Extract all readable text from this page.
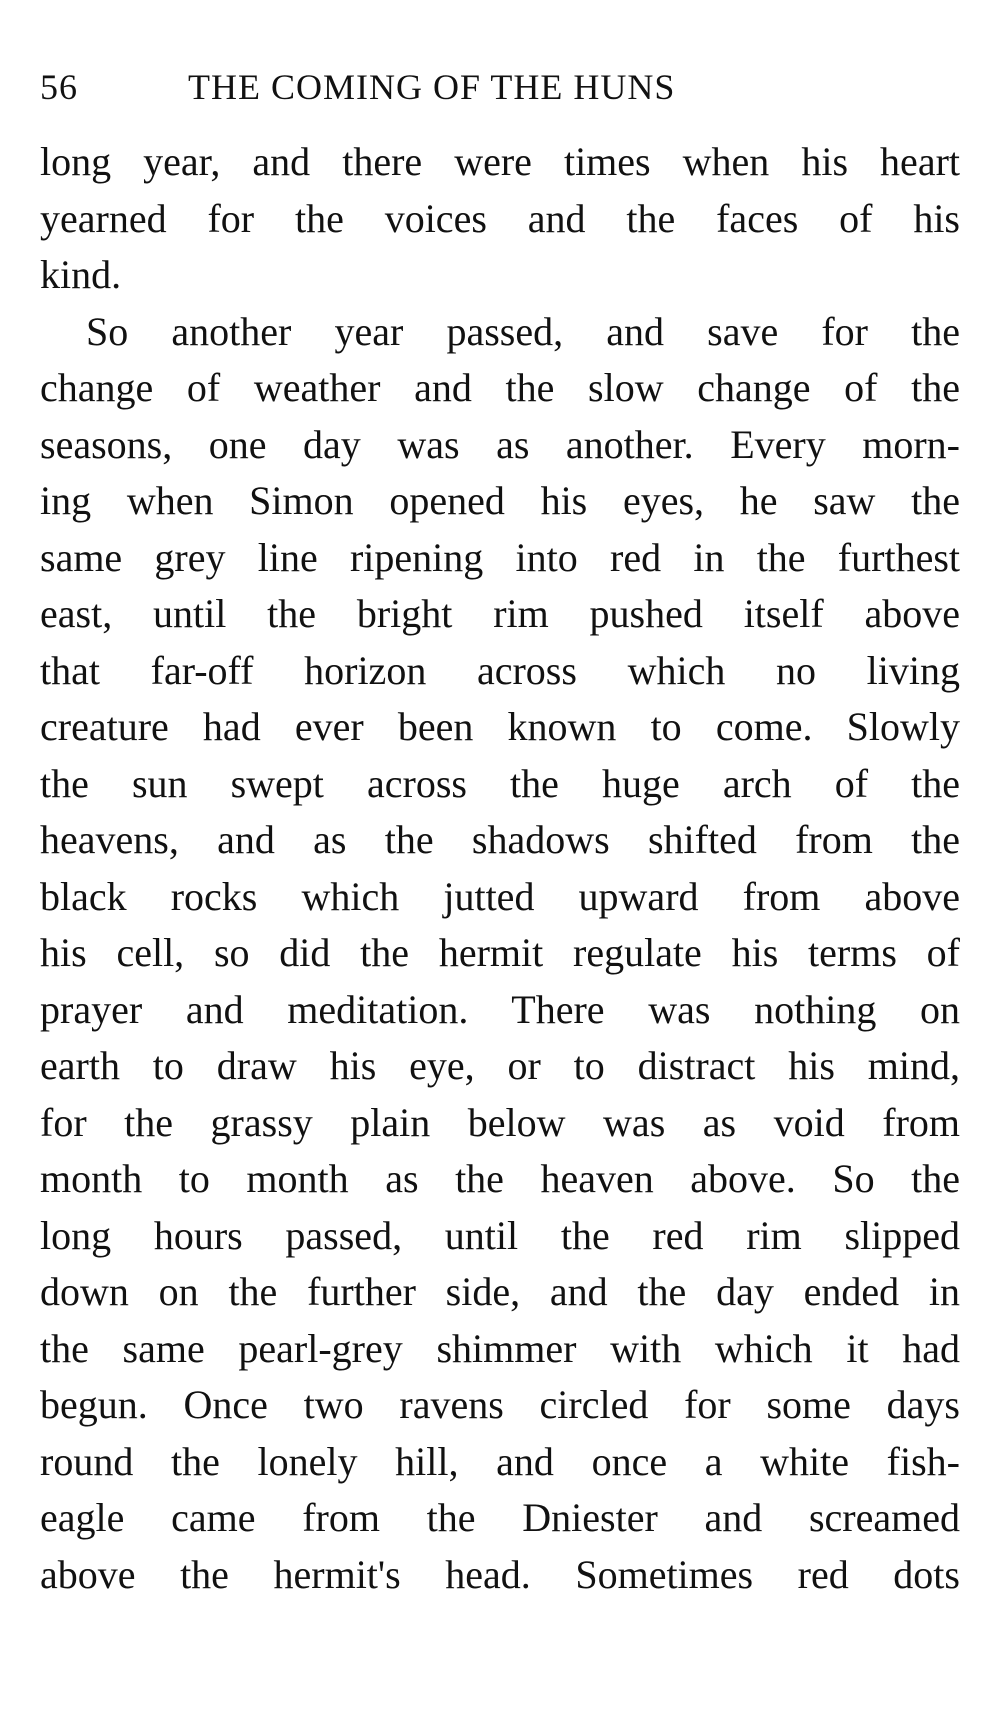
56	THE COMING OF THE HUNS
long year, and there were times when his heart
yearned for the voices and the faces of his
kind.
So another year passed, and save for the
change of weather and the slow change of the
seasons, one day was as another. Every morn-
ing when Simon opened his eyes, he saw the
same grey line ripening into red in the furthest
east, until the bright rim pushed itself above
that far-off horizon across which no living
creature had ever been known to come. Slowly
the sun swept across the huge arch of the
heavens, and as the shadows shifted from the
black rocks which jutted upward from above
his cell, so did the hermit regulate his terms of
prayer and meditation. There was nothing on
earth to draw his eye, or to distract his mind,
for the grassy plain below was as void from
month to month as the heaven above. So the
long hours passed, until the red rim slipped
down on the further side, and the day ended in
the same pearl-grey shimmer with which it had
begun. Once two ravens circled for some days
round the lonely hill, and once a white fish-
eagle came from the Dniester and screamed
above the hermit's head. Sometimes red dots
